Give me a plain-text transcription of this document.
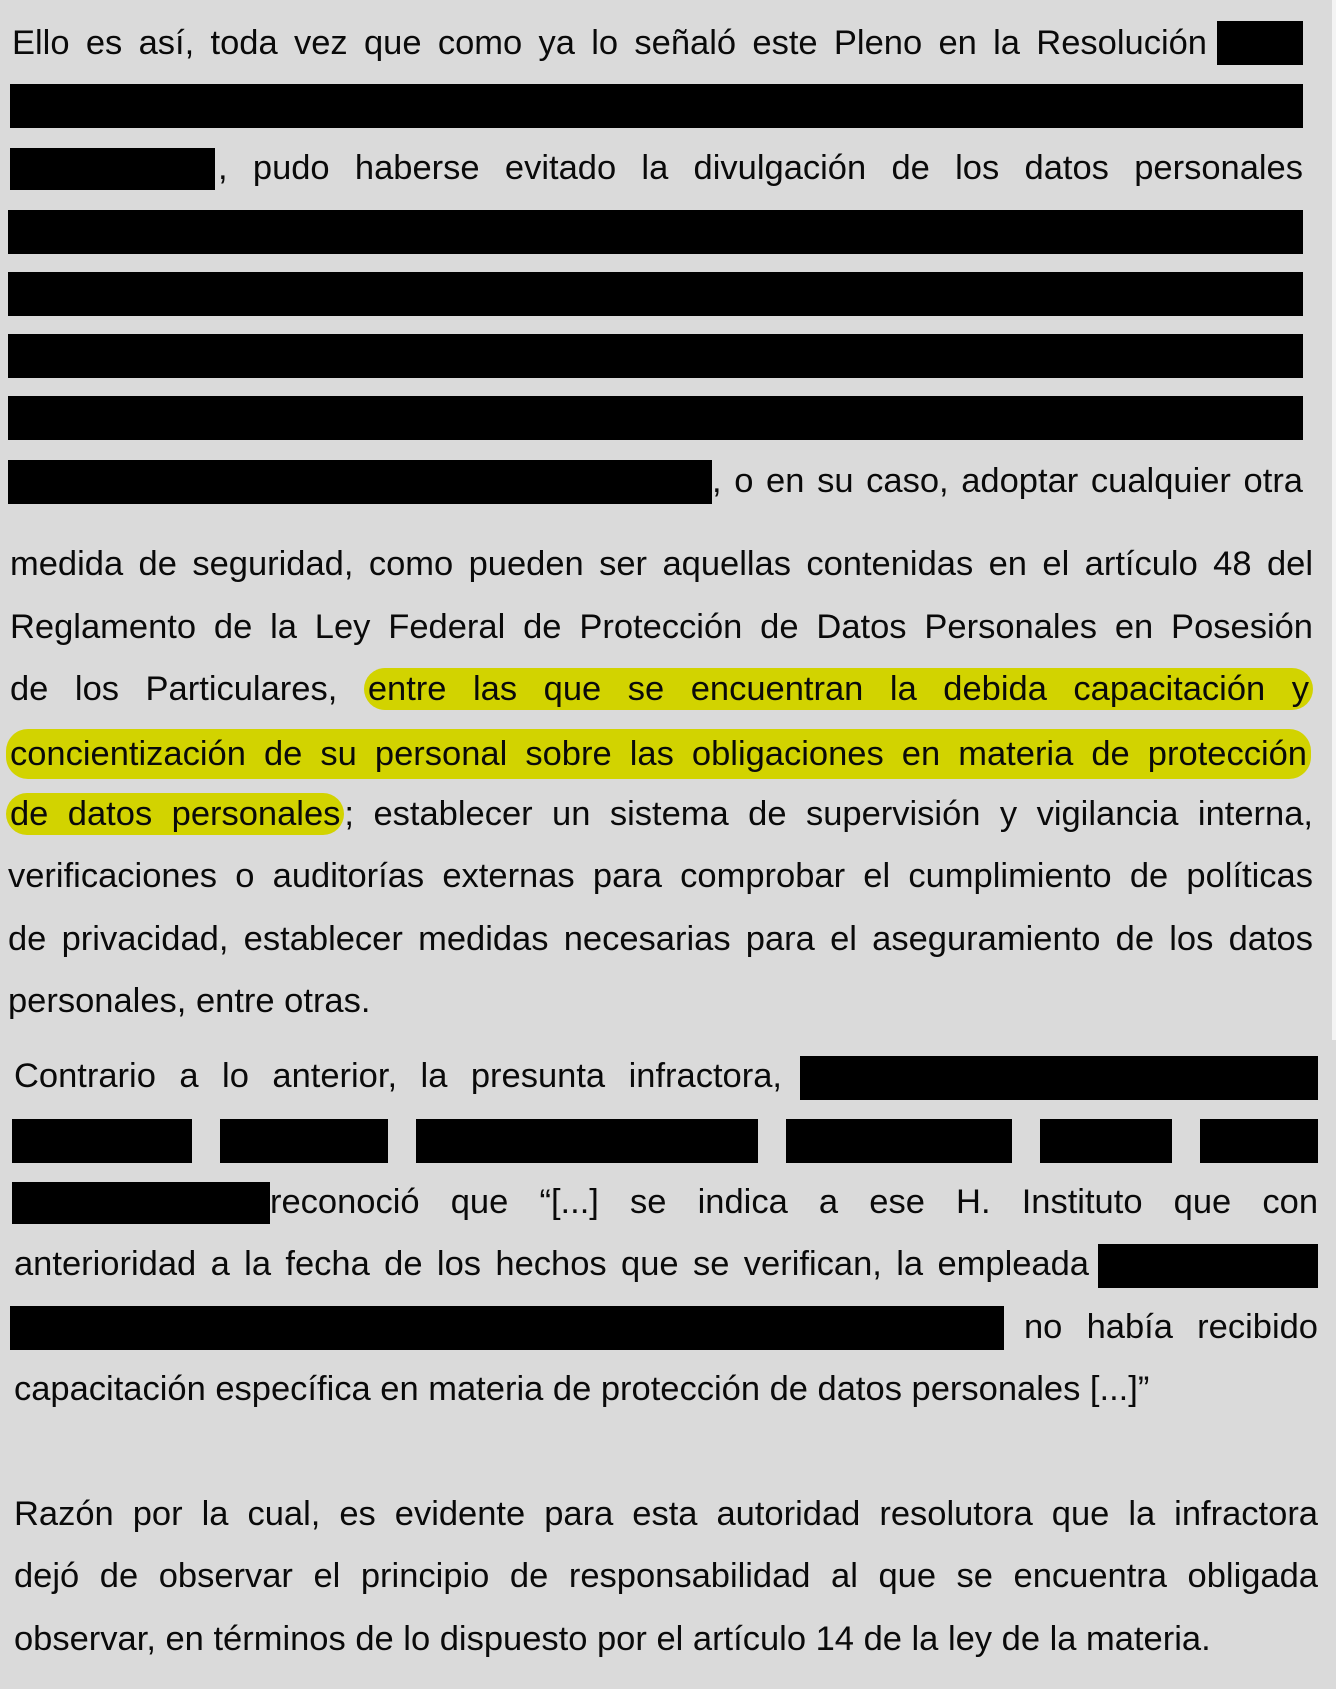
Ello es así, toda vez que como ya lo señaló este Pleno en la Resolución
, pudo haberse evitado la divulgación de los datos personales
, o en su caso, adoptar cualquier otra
medida de seguridad, como pueden ser aquellas contenidas en el artículo 48 del
Reglamento de la Ley Federal de Protección de Datos Personales en Posesión
de los Particulares, entre las que se encuentran la debida capacitación y
concientización de su personal sobre las obligaciones en materia de protección
de datos personales ; establecer un sistema de supervisión y vigilancia interna,
verificaciones o auditorías externas para comprobar el cumplimiento de políticas
de privacidad, establecer medidas necesarias para el aseguramiento de los datos
personales, entre otras.
Contrario a lo anterior, la presunta infractora,
reconoció que “[...] se indica a ese H. Instituto que con
anterioridad a la fecha de los hechos que se verifican, la empleada
no había recibido
capacitación específica en materia de protección de datos personales [...]”
Razón por la cual, es evidente para esta autoridad resolutora que la infractora
dejó de observar el principio de responsabilidad al que se encuentra obligada
observar, en términos de lo dispuesto por el artículo 14 de la ley de la materia.
